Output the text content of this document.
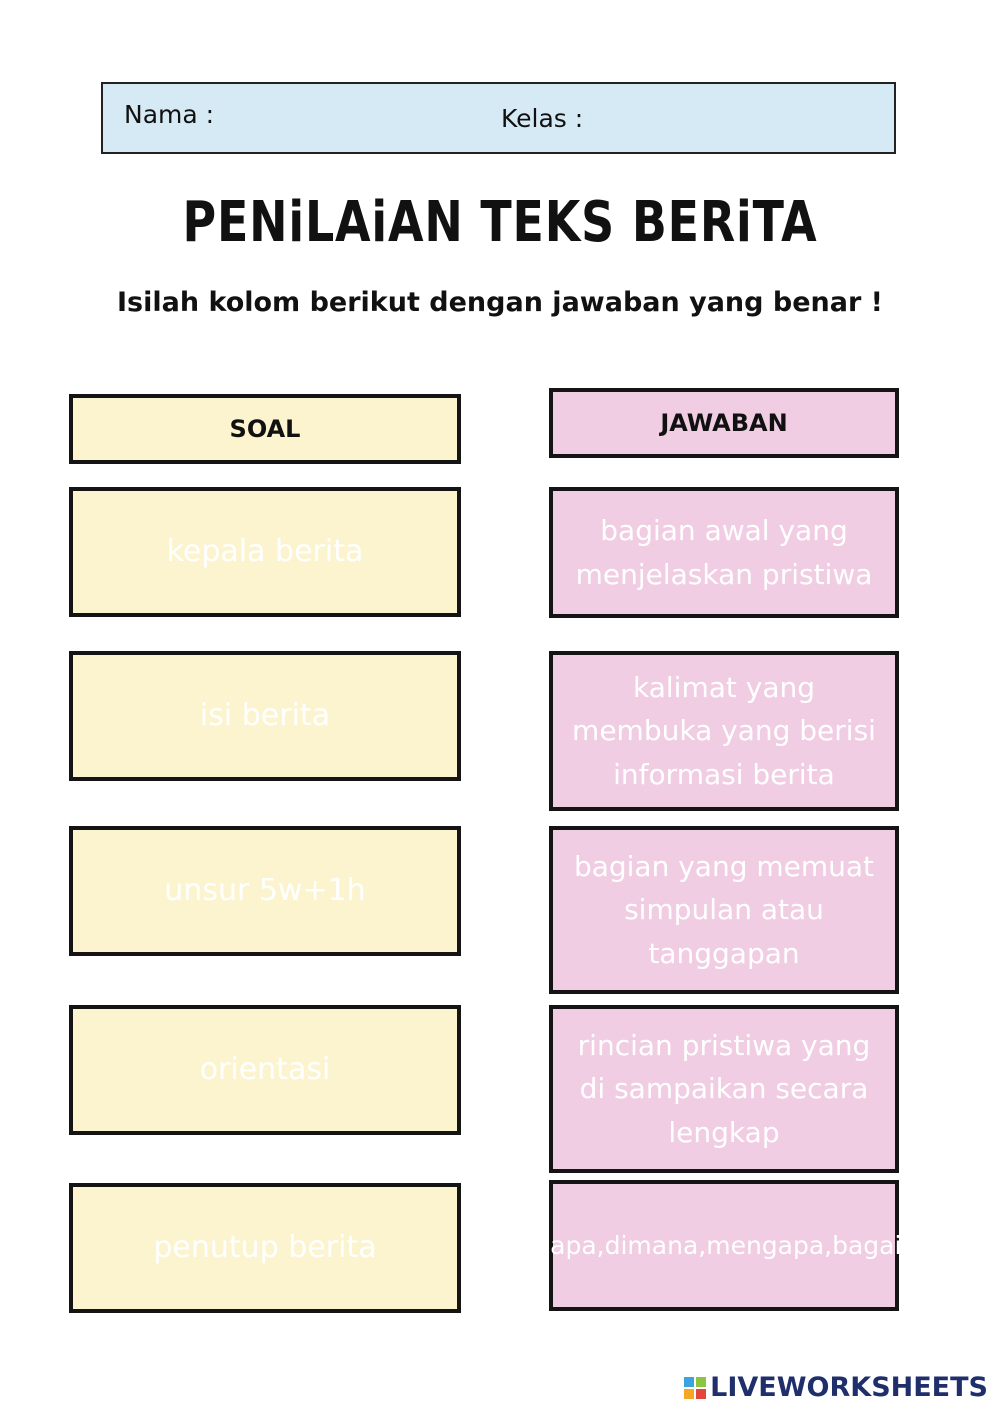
Nama :	Kelas :
PENiLAiAN TEKS BERiTA
Isilah kolom berikut dengan jawaban yang benar !
SOAL	JAWABAN
kepala berita
isi berita
unsur 5w+1h
orientasi
penutup berita
bagian awal yang menjelaskan pristiwa
kalimat yang membuka yang berisi informasi berita
bagian yang memuat simpulan atau tanggapan
rincian pristiwa yang di sampaikan secara lengkap
siapa,apa,dimana,mengapa,bagaimana
LIVEWORKSHEETS
